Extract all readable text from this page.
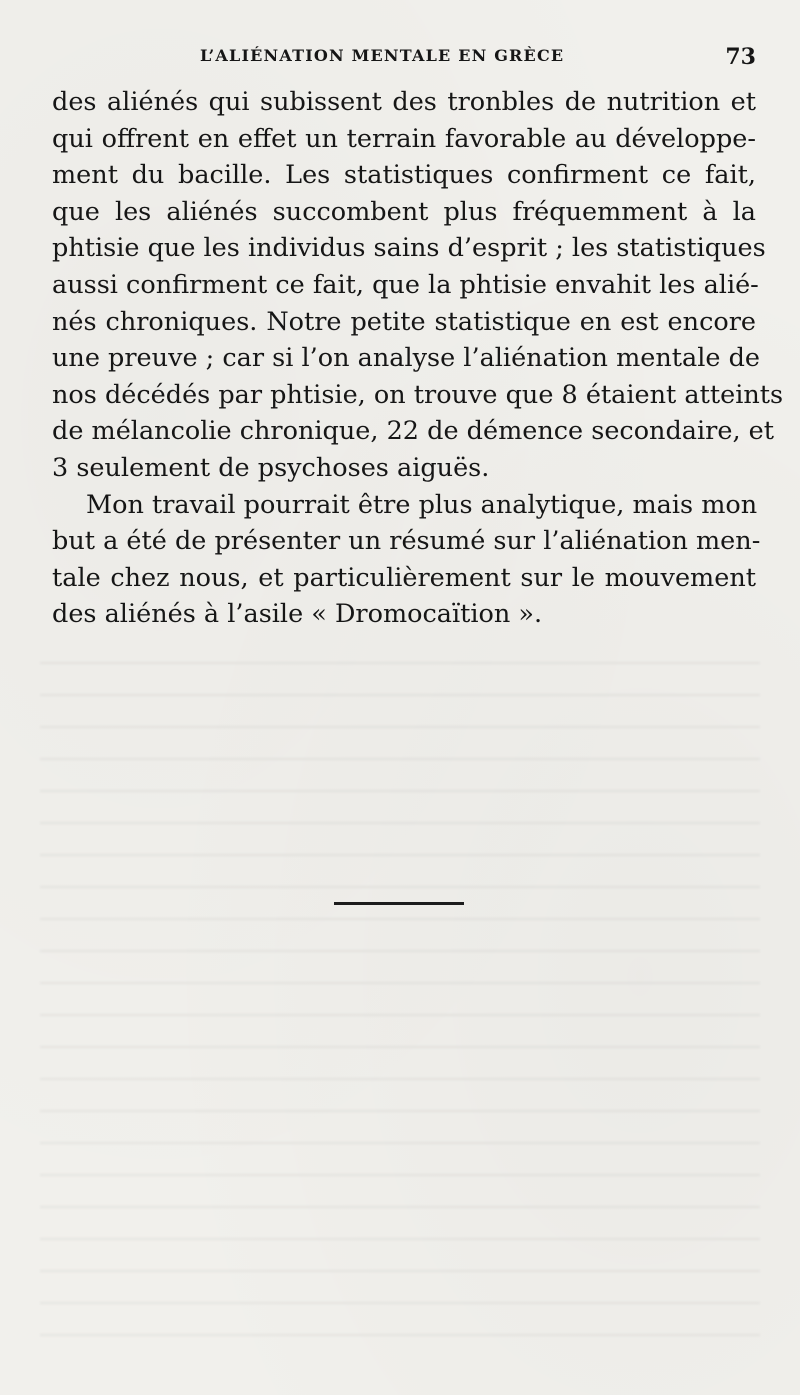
L’ALIÉNATION MENTALE EN GRÈCE	73
des aliénés qui subissent des tronbles de nutrition et
qui offrent en effet un terrain favorable au développe-
ment du bacille. Les statistiques confirment ce fait,
que les aliénés succombent plus fréquemment à la
phtisie que les individus sains d’esprit ; les statistiques
aussi confirment ce fait, que la phtisie envahit les alié-
nés chroniques. Notre petite statistique en est encore
une preuve ; car si l’on analyse l’aliénation mentale de
nos décédés par phtisie, on trouve que 8 étaient atteints
de mélancolie chronique, 22 de démence secondaire, et
3 seulement de psychoses aiguës.
Mon travail pourrait être plus analytique, mais mon
but a été de présenter un résumé sur l’aliénation men-
tale chez nous, et particulièrement sur le mouvement
des aliénés à l’asile « Dromocaïtion ».
